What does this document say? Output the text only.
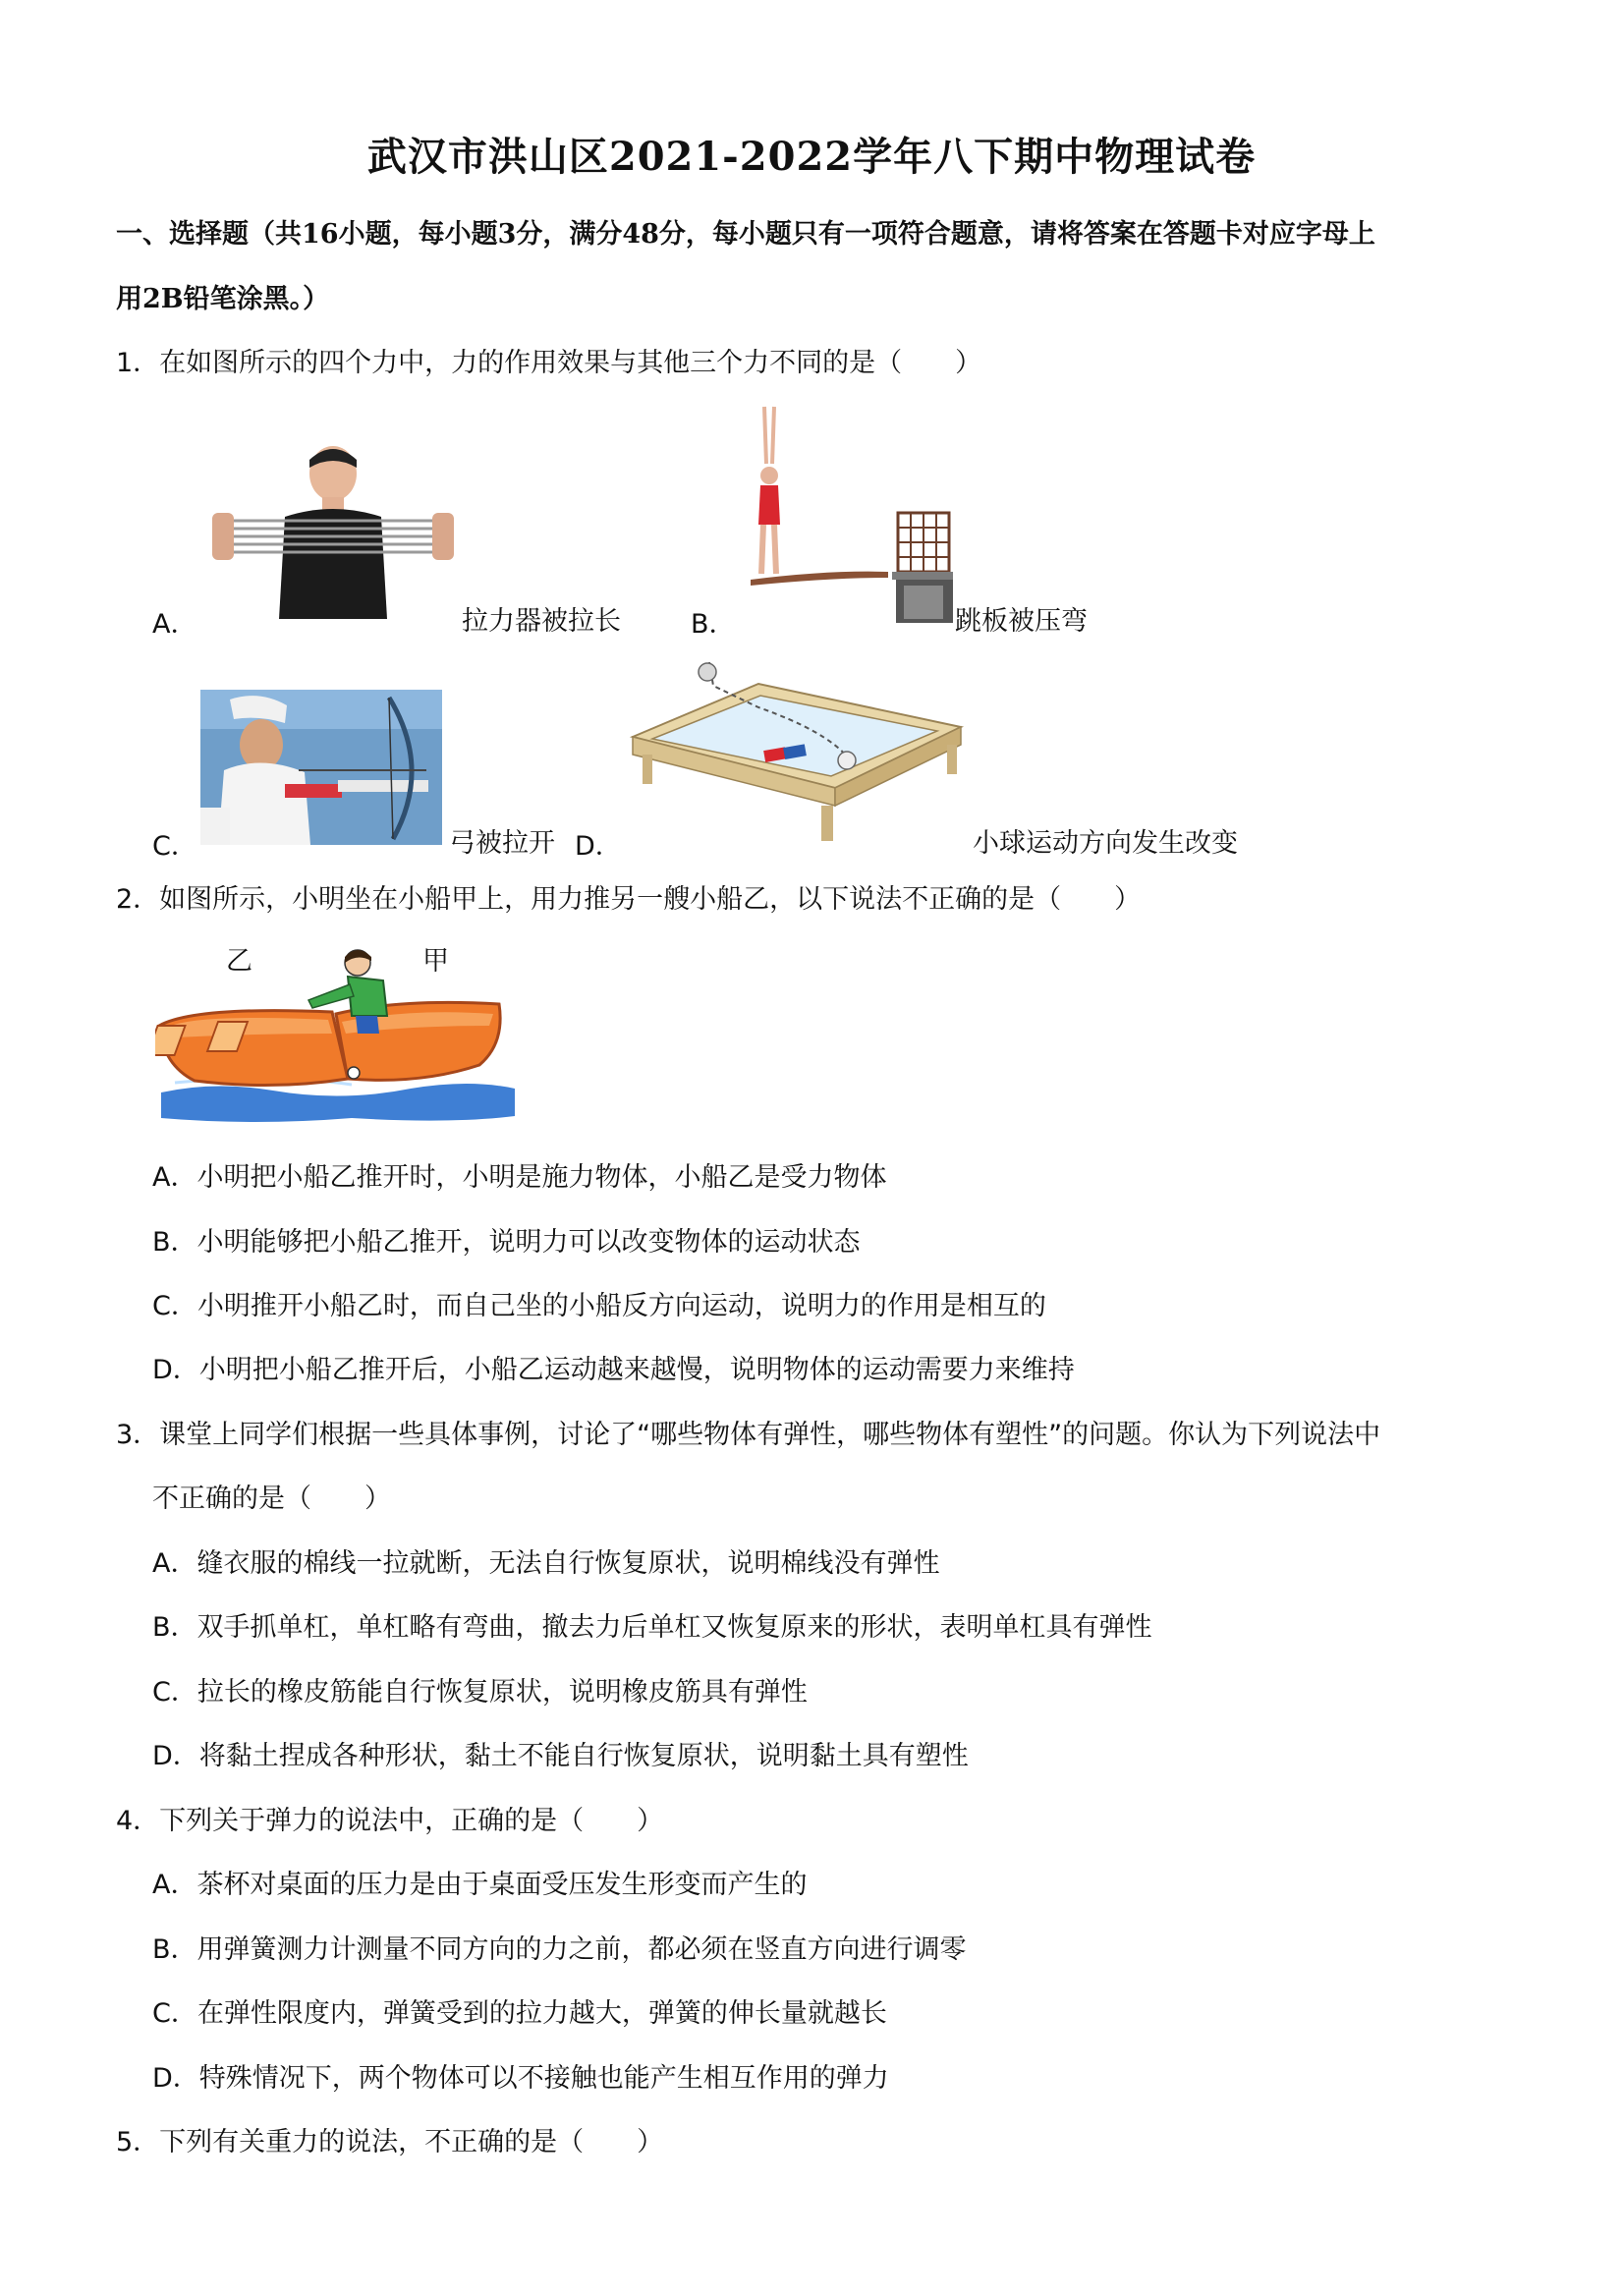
武汉市洪山区2021-2022学年八下期中物理试卷
一、选择题（共16小题，每小题3分，满分48分，每小题只有一项符合题意，请将答案在答题卡对应字母上
用2B铅笔涂黑。）
1．在如图所示的四个力中，力的作用效果与其他三个力不同的是（　　）
A．	拉力器被拉长	B．	跳板被压弯
C．	弓被拉开 D．	小球运动方向发生改变
2．如图所示，小明坐在小船甲上，用力推另一艘小船乙，以下说法不正确的是（　　）
乙	甲
A．小明把小船乙推开时，小明是施力物体，小船乙是受力物体
B．小明能够把小船乙推开，说明力可以改变物体的运动状态
C．小明推开小船乙时，而自己坐的小船反方向运动，说明力的作用是相互的
D．小明把小船乙推开后，小船乙运动越来越慢，说明物体的运动需要力来维持
3．课堂上同学们根据一些具体事例，讨论了“哪些物体有弹性，哪些物体有塑性”的问题。你认为下列说法中
不正确的是（　　）
A．缝衣服的棉线一拉就断，无法自行恢复原状，说明棉线没有弹性
B．双手抓单杠，单杠略有弯曲，撤去力后单杠又恢复原来的形状，表明单杠具有弹性
C．拉长的橡皮筋能自行恢复原状，说明橡皮筋具有弹性
D．将黏土捏成各种形状，黏土不能自行恢复原状，说明黏土具有塑性
4．下列关于弹力的说法中，正确的是（　　）
A．茶杯对桌面的压力是由于桌面受压发生形变而产生的
B．用弹簧测力计测量不同方向的力之前，都必须在竖直方向进行调零
C．在弹性限度内，弹簧受到的拉力越大，弹簧的伸长量就越长
D．特殊情况下，两个物体可以不接触也能产生相互作用的弹力
5．下列有关重力的说法，不正确的是（　　）
